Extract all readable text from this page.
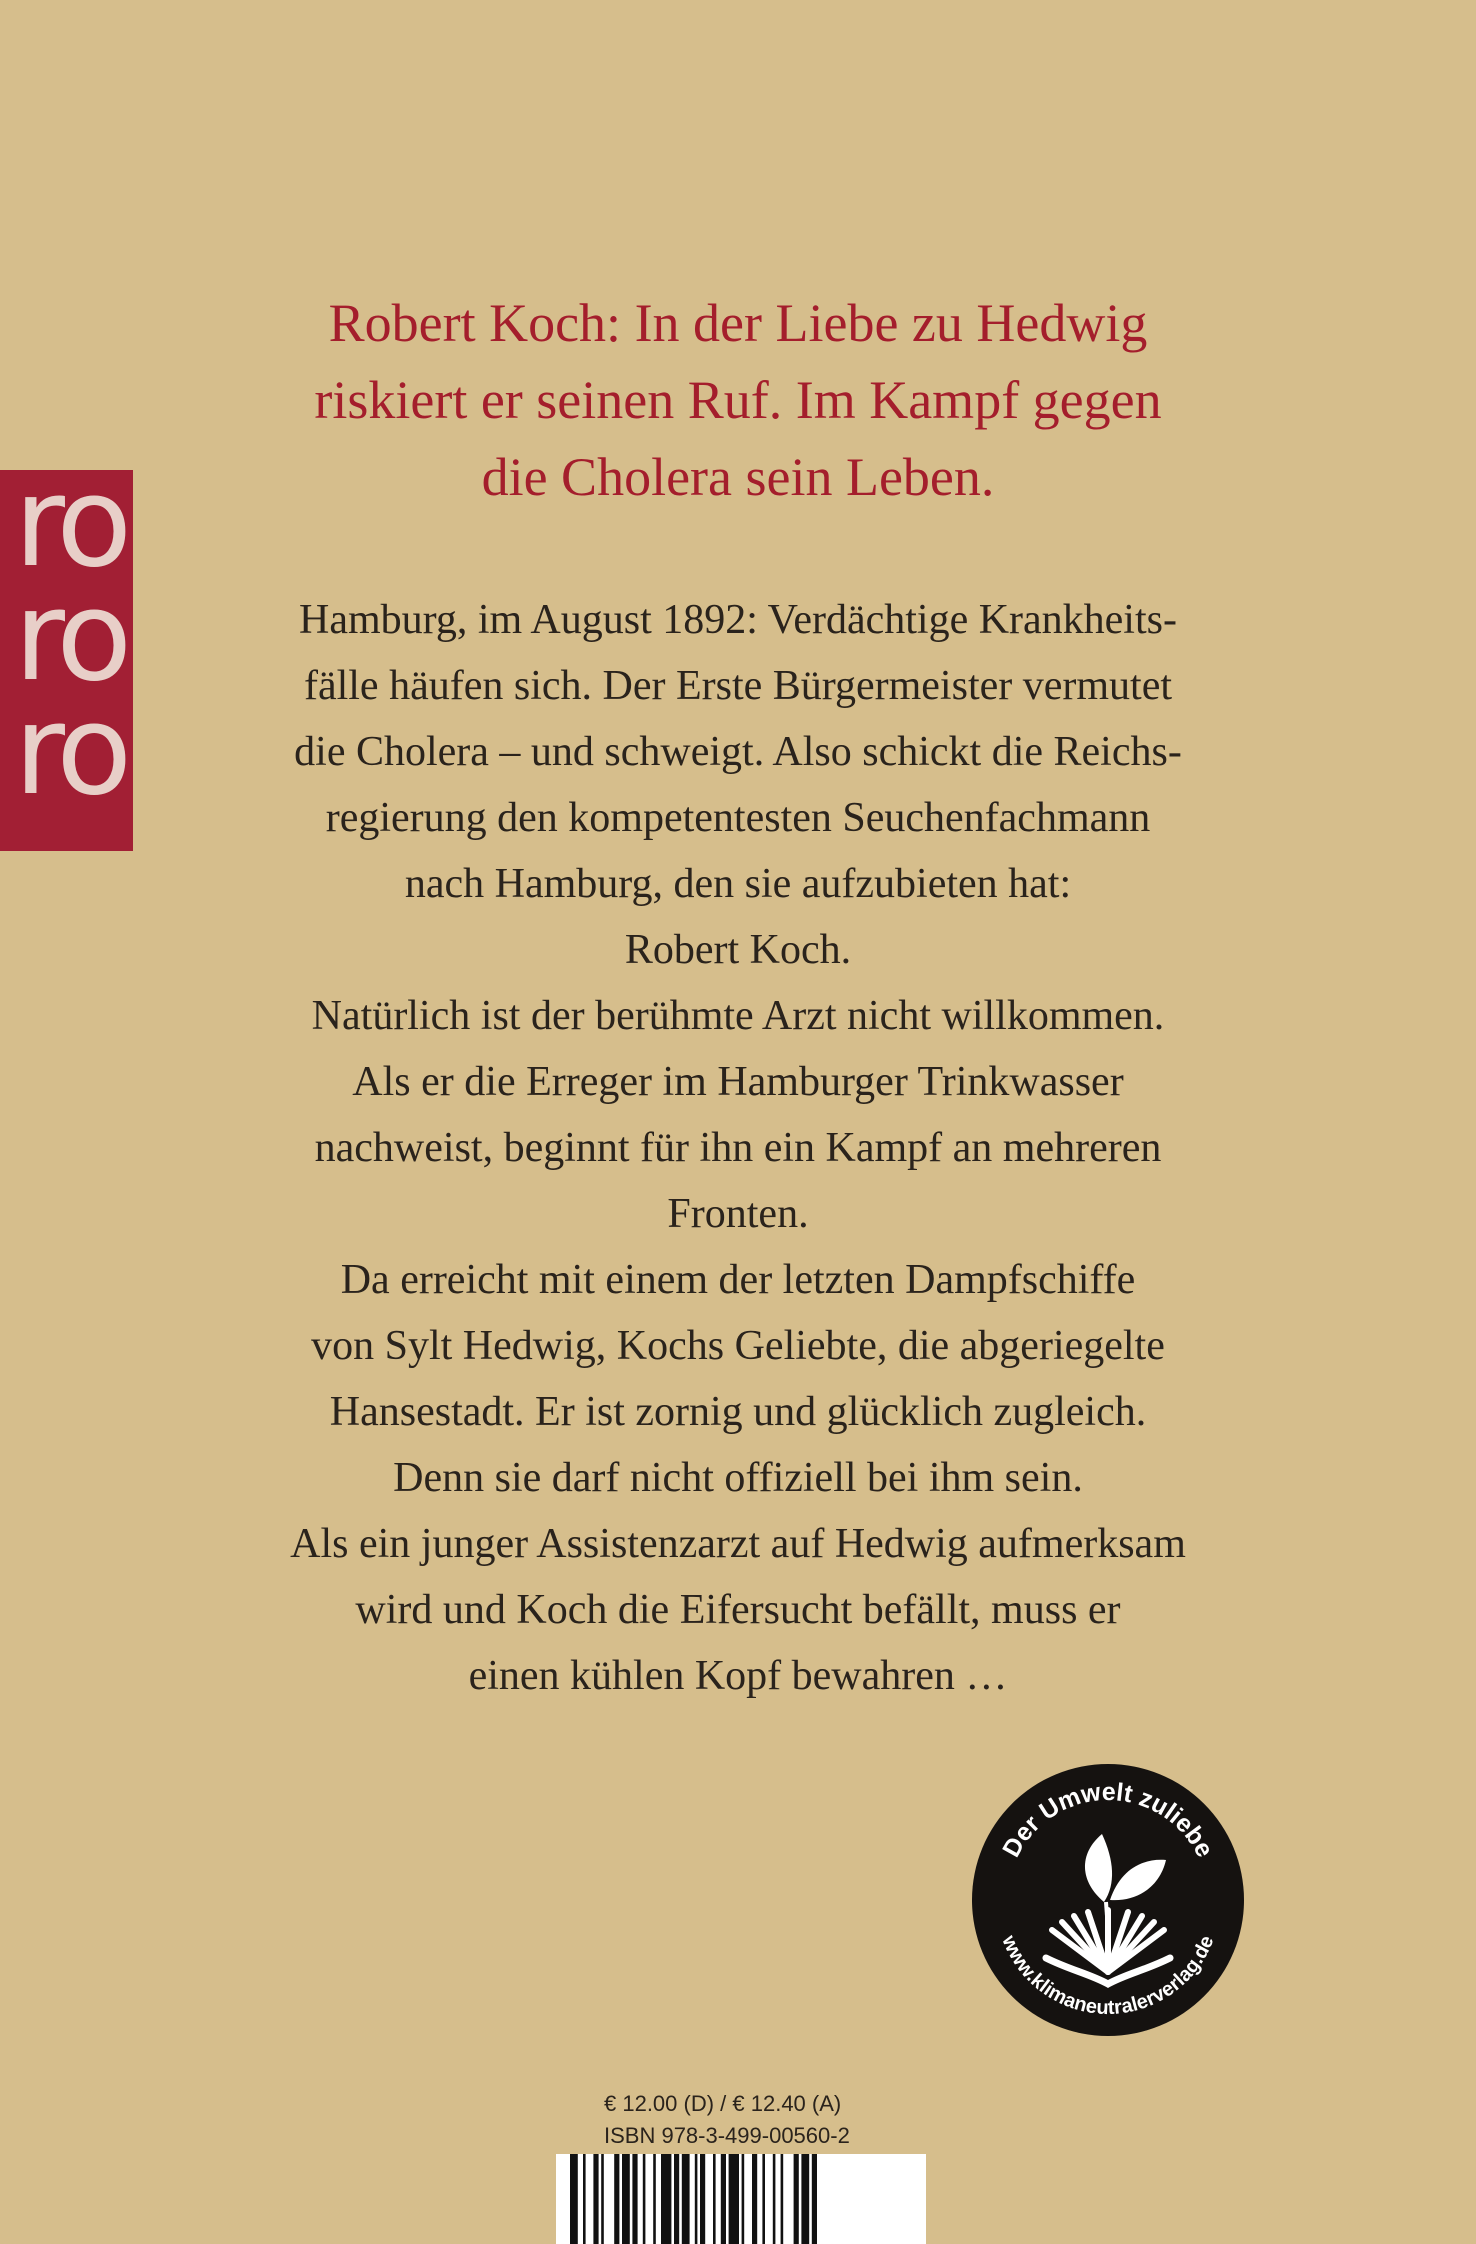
Robert Koch: In der Liebe zu Hedwig
riskiert er seinen Ruf. Im Kampf gegen
die Cholera sein Leben.
ro
ro
ro
Hamburg, im August 1892: Verdächtige Krankheits-
fälle häufen sich. Der Erste Bürgermeister vermutet
die Cholera – und schweigt. Also schickt die Reichs-
regierung den kompetentesten Seuchenfachmann
nach Hamburg, den sie aufzubieten hat:
Robert Koch.
Natürlich ist der berühmte Arzt nicht willkommen.
Als er die Erreger im Hamburger Trinkwasser
nachweist, beginnt für ihn ein Kampf an mehreren
Fronten.
Da erreicht mit einem der letzten Dampfschiffe
von Sylt Hedwig, Kochs Geliebte, die abgeriegelte
Hansestadt. Er ist zornig und glücklich zugleich.
Denn sie darf nicht offiziell bei ihm sein.
Als ein junger Assistenzarzt auf Hedwig aufmerksam
wird und Koch die Eifersucht befällt, muss er
einen kühlen Kopf bewahren …
Der Umwelt zuliebe
www.klimaneutralerverlag.de

€ 12.00 (D) / € 12.40 (A)

ISBN 978-3-499-00560-2
